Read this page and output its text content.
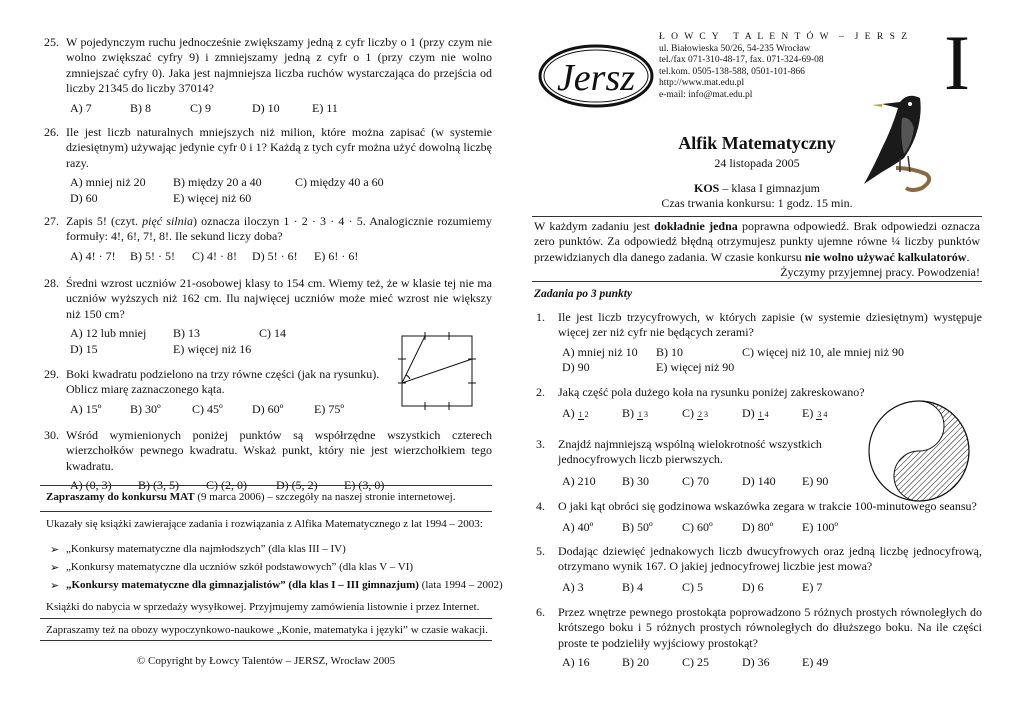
25. W pojedynczym ruchu jednocześnie zwiększamy jedną z cyfr liczby o 1 (przy czym nie wolno zwiększać cyfry 9) i zmniejszamy jedną z cyfr o 1 (przy czym nie wolno zmniejszać cyfry 0). Jaka jest najmniejsza liczba ruchów wystarczająca do przejścia od liczby 21345 do liczby 37014?
A) 7	B) 8	C) 9	D) 10	E) 11
26. Ile jest liczb naturalnych mniejszych niż milion, które można zapisać (w systemie dziesiętnym) używając jedynie cyfr 0 i 1? Każdą z tych cyfr można użyć dowolną liczbę razy.
A) mniej niż 20 B) między 20 a 40	C) między 40 a 60
D) 60	E) więcej niż 60
27. Zapis 5! (czyt. pięć silnia) oznacza iloczyn 1 · 2 · 3 · 4 · 5. Analogicznie rozumiemy formuły: 4!, 6!, 7!, 8!. Ile sekund liczy doba?
A) 4! · 7! B) 5! · 5! C) 4! · 8! D) 5! · 6! E) 6! · 6!
28. Średni wzrost uczniów 21-osobowej klasy to 154 cm. Wiemy też, że w klasie tej nie ma uczniów wyższych niż 162 cm. Ilu najwięcej uczniów może mieć wzrost nie większy niż 150 cm?
A) 12 lub mniej B) 13	C) 14
D) 15	E) więcej niż 16
29. Boki kwadratu podzielono na trzy równe części (jak na rysunku). Oblicz miarę zaznaczonego kąta.
A) 15º B) 30º	C) 45º D) 60º	E) 75º
30. Wśród wymienionych poniżej punktów są współrzędne wszystkich czterech wierzchołków pewnego kwadratu. Wskaż punkt, który nie jest wierzchołkiem tego kwadratu.
A) (0, 3) B) (3, 5) C) (2, 0) D) (5, 2) E) (3, 0)
Zapraszamy do konkursu MAT (9 marca 2006) – szczegóły na naszej stronie internetowej.
Ukazały się książki zawierające zadania i rozwiązania z Alfika Matematycznego z lat 1994 – 2003:
➢ „Konkursy matematyczne dla najmłodszych” (dla klas III – IV)
➢ „Konkursy matematyczne dla uczniów szkół podstawowych” (dla klas V – VI)
➢ „Konkursy matematyczne dla gimnazjalistów” (dla klas I – III gimnazjum) (lata 1994 – 2002)
Książki do nabycia w sprzedaży wysyłkowej. Przyjmujemy zamówienia listownie i przez Internet.
Zapraszamy też na obozy wypoczynkowo-naukowe „Konie, matematyka i języki” w czasie wakacji.
© Copyright by Łowcy Talentów – JERSZ, Wrocław 2005
Jersz
Ł O W C Y   T A L E N T Ó W  –  J E R S Z
ul. Białowieska 50/26, 54-235 Wrocław
tel./fax 071-310-48-17, fax. 071-324-69-08
tel.kom. 0505-138-588, 0501-101-866
http://www.mat.edu.pl
e-mail: info@mat.edu.pl	I
Alfik Matematyczny
24 listopada 2005
KOS – klasa I gimnazjum
Czas trwania konkursu: 1 godz. 15 min.
W każdym zadaniu jest dokładnie jedna poprawna odpowiedź. Brak odpowiedzi oznacza zero punktów. Za odpowiedź błędną otrzymujesz punkty ujemne równe ¼ liczby punktów przewidzianych dla danego zadania. W czasie konkursu nie wolno używać kalkulatorów.
Życzymy przyjemnej pracy. Powodzenia!
Zadania po 3 punkty
1. Ile jest liczb trzycyfrowych, w których zapisie (w systemie dziesiętnym) występuje więcej zer niż cyfr nie będących zerami?
A) mniej niż 10 B) 10	C) więcej niż 10, ale mniej niż 90
D) 90	E) więcej niż 90
2. Jaką część pola dużego koła na rysunku poniżej zakreskowano?
A) 1 2	B) 1 3	C) 2 3	D) 1 4	E) 3 4
3. Znajdź najmniejszą wspólną wielokrotność wszystkich jednocyfrowych liczb pierwszych.
A) 210 B) 30	C) 70	D) 140 E) 90
4. O jaki kąt obróci się godzinowa wskazówka zegara w trakcie 100-minutowego seansu?
A) 40º B) 50º C) 60º D) 80º E) 100º
5. Dodając dziewięć jednakowych liczb dwucyfrowych oraz jedną liczbę jednocyfrową, otrzymano wynik 167. O jakiej jednocyfrowej liczbie jest mowa?
A) 3	B) 4	C) 5	D) 6	E) 7
6. Przez wnętrze pewnego prostokąta poprowadzono 5 różnych prostych równoległych do krótszego boku i 5 różnych prostych równoległych do dłuższego boku. Na ile części proste te podzieliły wyjściowy prostokąt?
A) 16	B) 20	C) 25	D) 36	E) 49
